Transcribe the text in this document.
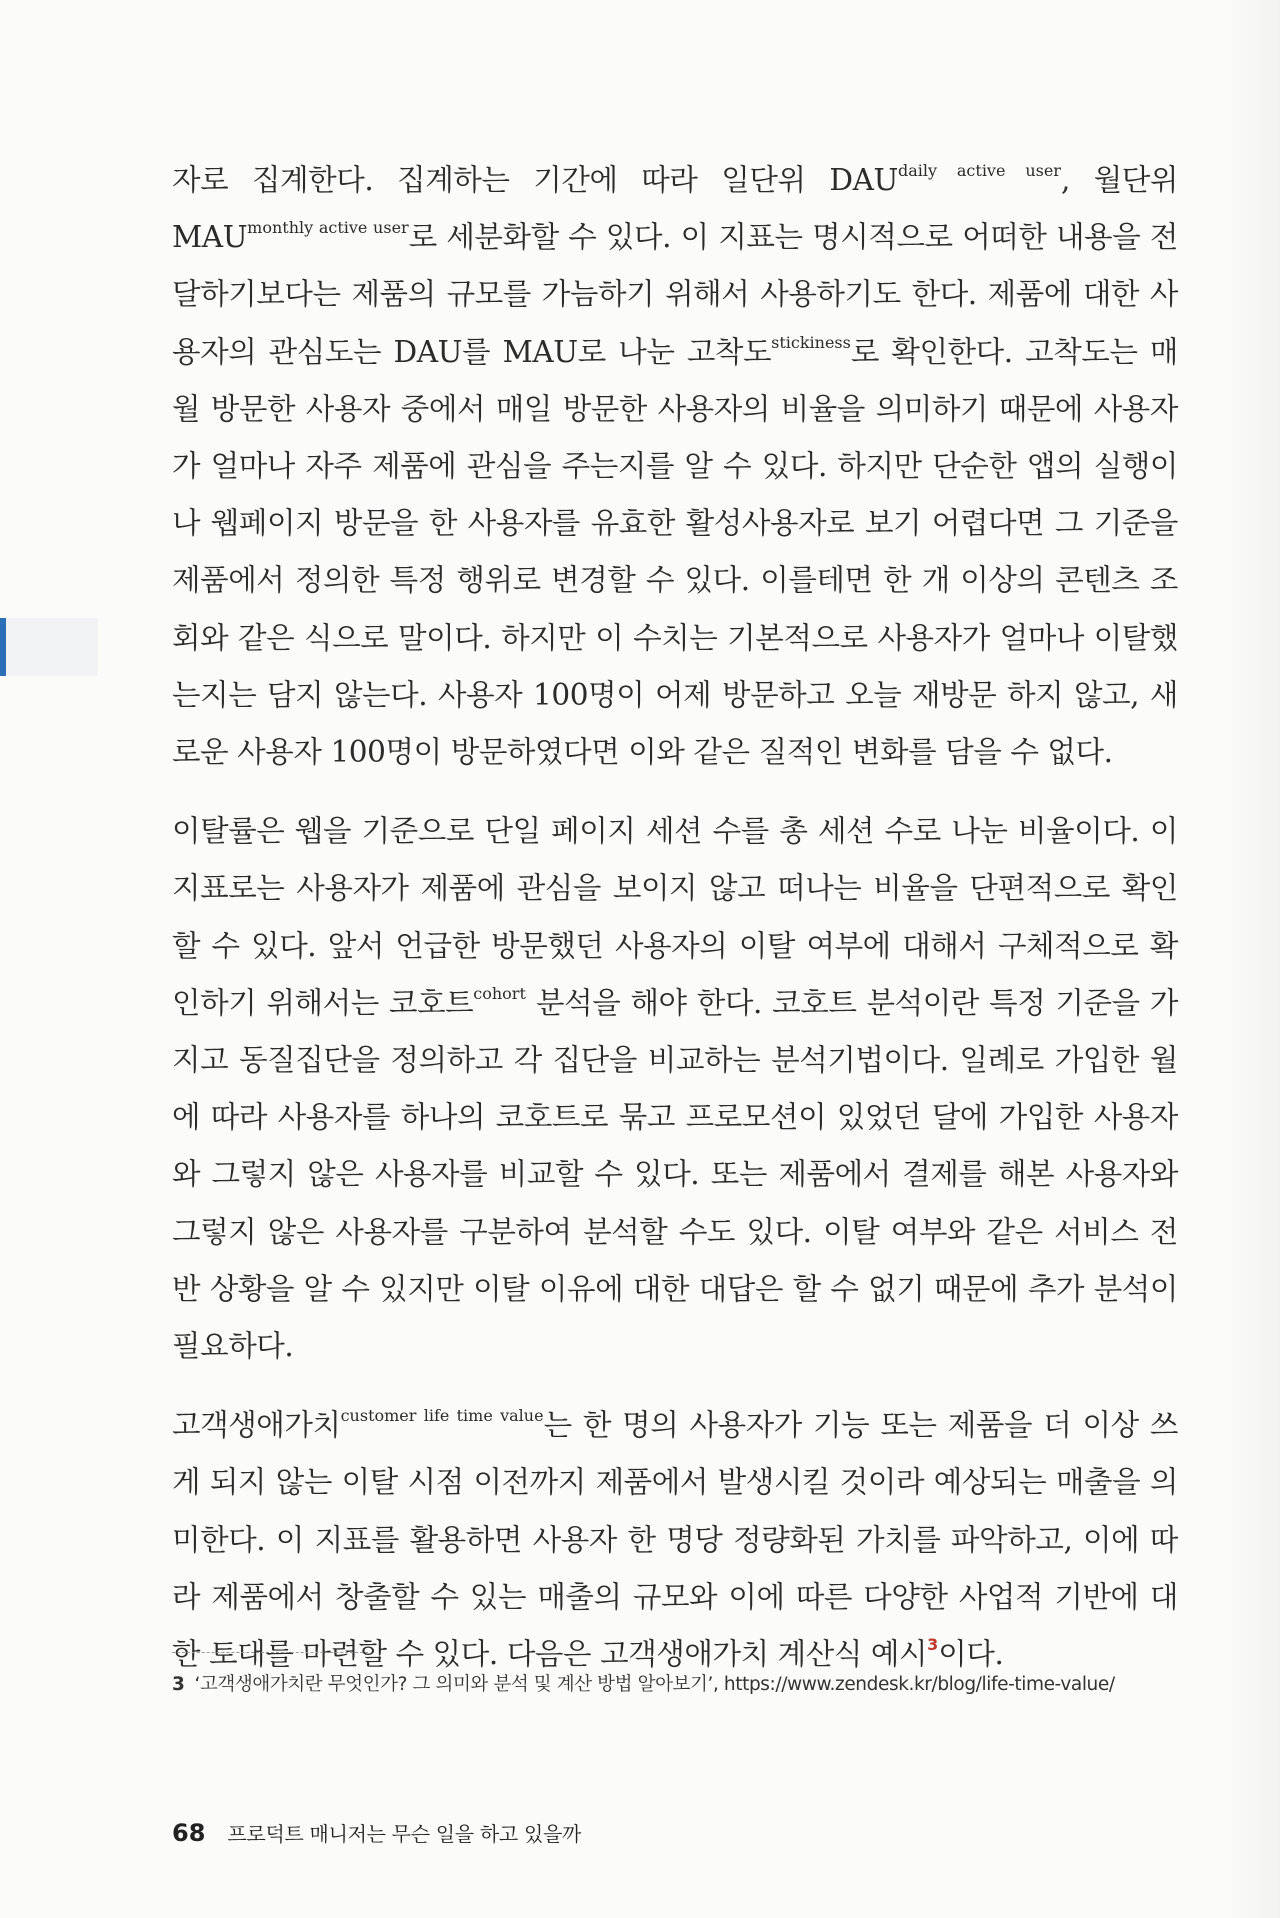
자로 집계한다. 집계하는 기간에 따라 일단위 $DAU^{daily active user}$, 월단위 $MAU^{monthly active user}$로 세분화할 수 있다. 이 지표는 명시적으로 어떠한 내용을 전달하기보다는 제품의 규모를 가늠하기 위해서 사용하기도 한다. 제품에 대한 사용자의 관심도는 DAU를 MAU로 나눈 고착도$^{stickiness}$로 확인한다. 고착도는 매월 방문한 사용자 중에서 매일 방문한 사용자의 비율을 의미하기 때문에 사용자가 얼마나 자주 제품에 관심을 주는지를 알 수 있다. 하지만 단순한 앱의 실행이나 웹페이지 방문을 한 사용자를 유효한 활성사용자로 보기 어렵다면 그 기준을 제품에서 정의한 특정 행위로 변경할 수 있다. 이를테면 한 개 이상의 콘텐츠 조회와 같은 식으로 말이다. 하지만 이 수치는 기본적으로 사용자가 얼마나 이탈했는지는 담지 않는다. 사용자 100명이 어제 방문하고 오늘 재방문 하지 않고, 새로운 사용자 100명이 방문하였다면 이와 같은 질적인 변화를 담을 수 없다.

이탈률은 웹을 기준으로 단일 페이지 세션 수를 총 세션 수로 나눈 비율이다. 이 지표로는 사용자가 제품에 관심을 보이지 않고 떠나는 비율을 단편적으로 확인할 수 있다. 앞서 언급한 방문했던 사용자의 이탈 여부에 대해서 구체적으로 확인하기 위해서는 코호트$^{cohort}$ 분석을 해야 한다. 코호트 분석이란 특정 기준을 가지고 동질집단을 정의하고 각 집단을 비교하는 분석기법이다. 일례로 가입한 월에 따라 사용자를 하나의 코호트로 묶고 프로모션이 있었던 달에 가입한 사용자와 그렇지 않은 사용자를 비교할 수 있다. 또는 제품에서 결제를 해본 사용자와 그렇지 않은 사용자를 구분하여 분석할 수도 있다. 이탈 여부와 같은 서비스 전반 상황을 알 수 있지만 이탈 이유에 대한 대답은 할 수 없기 때문에 추가 분석이 필요하다.

고객생애가치$^{customer life time value}$는 한 명의 사용자가 기능 또는 제품을 더 이상 쓰게 되지 않는 이탈 시점 이전까지 제품에서 발생시킬 것이라 예상되는 매출을 의미한다. 이 지표를 활용하면 사용자 한 명당 정량화된 가치를 파악하고, 이에 따라 제품에서 창출할 수 있는 매출의 규모와 이에 따른 다양한 사업적 기반에 대한 토대를 마련할 수 있다. 다음은 고객생애가치 계산식 예시$^3$이다.

3 ‘고객생애가치란 무엇인가? 그 의미와 분석 및 계산 방법 알아보기’, https://www.zendesk.kr/blog/life-time-value/
68 프로덕트 매니저는 무슨 일을 하고 있을까
